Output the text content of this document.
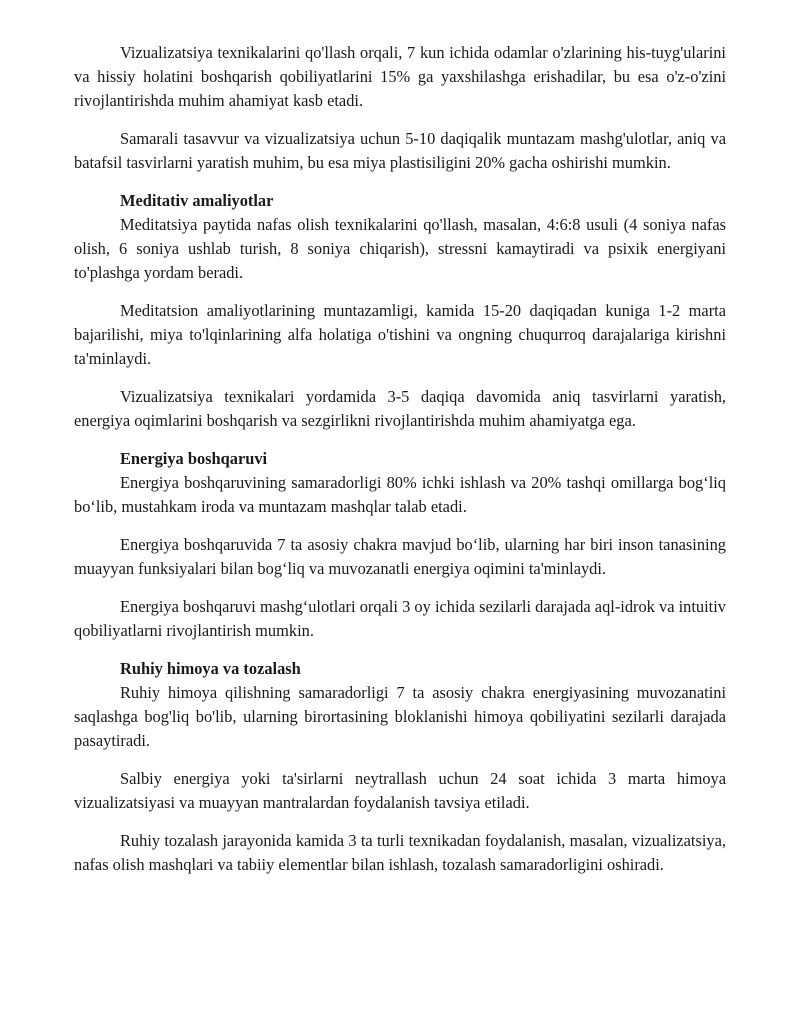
Vizualizatsiya texnikalarini qo'llash orqali, 7 kun ichida odamlar o'zlarining his-tuyg'ularini va hissiy holatini boshqarish qobiliyatlarini 15% ga yaxshilashga erishadilar, bu esa o'z-o'zini rivojlantirishda muhim ahamiyat kasb etadi.

Samarali tasavvur va vizualizatsiya uchun 5-10 daqiqalik muntazam mashg'ulotlar, aniq va batafsil tasvirlarni yaratish muhim, bu esa miya plastisiligini 20% gacha oshirishi mumkin.

Meditativ amaliyotlar

Meditatsiya paytida nafas olish texnikalarini qo'llash, masalan, 4:6:8 usuli (4 soniya nafas olish, 6 soniya ushlab turish, 8 soniya chiqarish), stressni kamaytiradi va psixik energiyani to'plashga yordam beradi.

Meditatsion amaliyotlarining muntazamligi, kamida 15-20 daqiqadan kuniga 1-2 marta bajarilishi, miya to'lqinlarining alfa holatiga o'tishini va ongning chuqurroq darajalariga kirishni ta'minlaydi.

Vizualizatsiya texnikalari yordamida 3-5 daqiqa davomida aniq tasvirlarni yaratish, energiya oqimlarini boshqarish va sezgirlikni rivojlantirishda muhim ahamiyatga ega.

Energiya boshqaruvi

Energiya boshqaruvining samaradorligi 80% ichki ishlash va 20% tashqi omillarga bog‘liq bo‘lib, mustahkam iroda va muntazam mashqlar talab etadi.

Energiya boshqaruvida 7 ta asosiy chakra mavjud bo‘lib, ularning har biri inson tanasining muayyan funksiyalari bilan bog‘liq va muvozanatli energiya oqimini ta'minlaydi.

Energiya boshqaruvi mashg‘ulotlari orqali 3 oy ichida sezilarli darajada aql-idrok va intuitiv qobiliyatlarni rivojlantirish mumkin.

Ruhiy himoya va tozalash

Ruhiy himoya qilishning samaradorligi 7 ta asosiy chakra energiyasining muvozanatini saqlashga bog'liq bo'lib, ularning birortasining bloklanishi himoya qobiliyatini sezilarli darajada pasaytiradi.

Salbiy energiya yoki ta'sirlarni neytrallash uchun 24 soat ichida 3 marta himoya vizualizatsiyasi va muayyan mantralardan foydalanish tavsiya etiladi.

Ruhiy tozalash jarayonida kamida 3 ta turli texnikadan foydalanish, masalan, vizualizatsiya, nafas olish mashqlari va tabiiy elementlar bilan ishlash, tozalash samaradorligini oshiradi.
